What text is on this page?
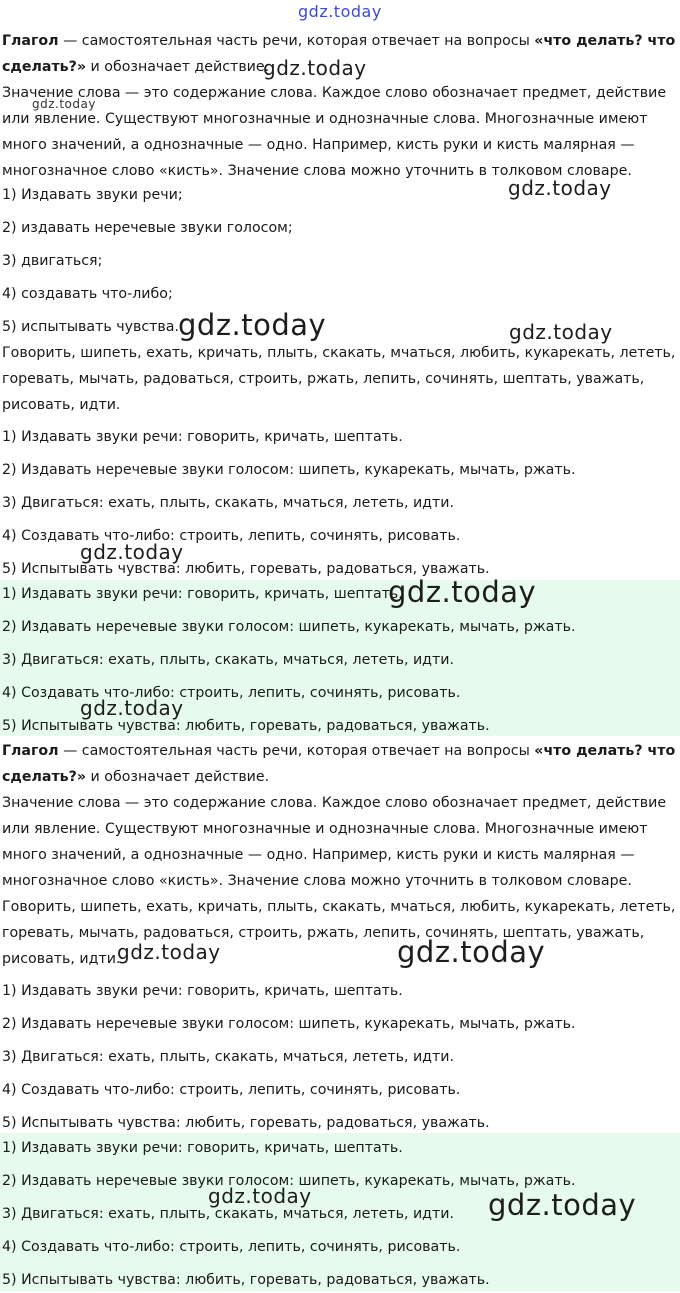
gdz.today
Глагол — самостоятельная часть речи, которая отвечает на вопросы «что делать? что
сделать?» и обозначает действие.
Значение слова — это содержание слова. Каждое слово обозначает предмет, действие
или явление. Существуют многозначные и однозначные слова. Многозначные имеют
много значений, а однозначные — одно. Например, кисть руки и кисть малярная —
многозначное слово «кисть». Значение слова можно уточнить в толковом словаре.

1) Издавать звуки речи;

2) издавать неречевые звуки голосом;

3) двигаться;

4) создавать что-либо;

5) испытывать чувства.

Говорить, шипеть, ехать, кричать, плыть, скакать, мчаться, любить, кукарекать, лететь,
горевать, мычать, радоваться, строить, ржать, лепить, сочинять, шептать, уважать,
рисовать, идти.

1) Издавать звуки речи: говорить, кричать, шептать.

2) Издавать неречевые звуки голосом: шипеть, кукарекать, мычать, ржать.

3) Двигаться: ехать, плыть, скакать, мчаться, лететь, идти.

4) Создавать что-либо: строить, лепить, сочинять, рисовать.

5) Испытывать чувства: любить, горевать, радоваться, уважать.

1) Издавать звуки речи: говорить, кричать, шептать.

2) Издавать неречевые звуки голосом: шипеть, кукарекать, мычать, ржать.

3) Двигаться: ехать, плыть, скакать, мчаться, лететь, идти.

4) Создавать что-либо: строить, лепить, сочинять, рисовать.

5) Испытывать чувства: любить, горевать, радоваться, уважать.

Глагол — самостоятельная часть речи, которая отвечает на вопросы «что делать? что
сделать?» и обозначает действие.
Значение слова — это содержание слова. Каждое слово обозначает предмет, действие
или явление. Существуют многозначные и однозначные слова. Многозначные имеют
много значений, а однозначные — одно. Например, кисть руки и кисть малярная —
многозначное слово «кисть». Значение слова можно уточнить в толковом словаре.
Говорить, шипеть, ехать, кричать, плыть, скакать, мчаться, любить, кукарекать, лететь,
горевать, мычать, радоваться, строить, ржать, лепить, сочинять, шептать, уважать,
рисовать, идти.

1) Издавать звуки речи: говорить, кричать, шептать.

2) Издавать неречевые звуки голосом: шипеть, кукарекать, мычать, ржать.

3) Двигаться: ехать, плыть, скакать, мчаться, лететь, идти.

4) Создавать что-либо: строить, лепить, сочинять, рисовать.

5) Испытывать чувства: любить, горевать, радоваться, уважать.

1) Издавать звуки речи: говорить, кричать, шептать.

2) Издавать неречевые звуки голосом: шипеть, кукарекать, мычать, ржать.

3) Двигаться: ехать, плыть, скакать, мчаться, лететь, идти.

4) Создавать что-либо: строить, лепить, сочинять, рисовать.

5) Испытывать чувства: любить, горевать, радоваться, уважать.

gdz.today
gdz.today
gdz.today
gdz.today	gdz.today
gdz.today
gdz.today
gdz.today
gdz.today	gdz.today
gdz.today	gdz.today
